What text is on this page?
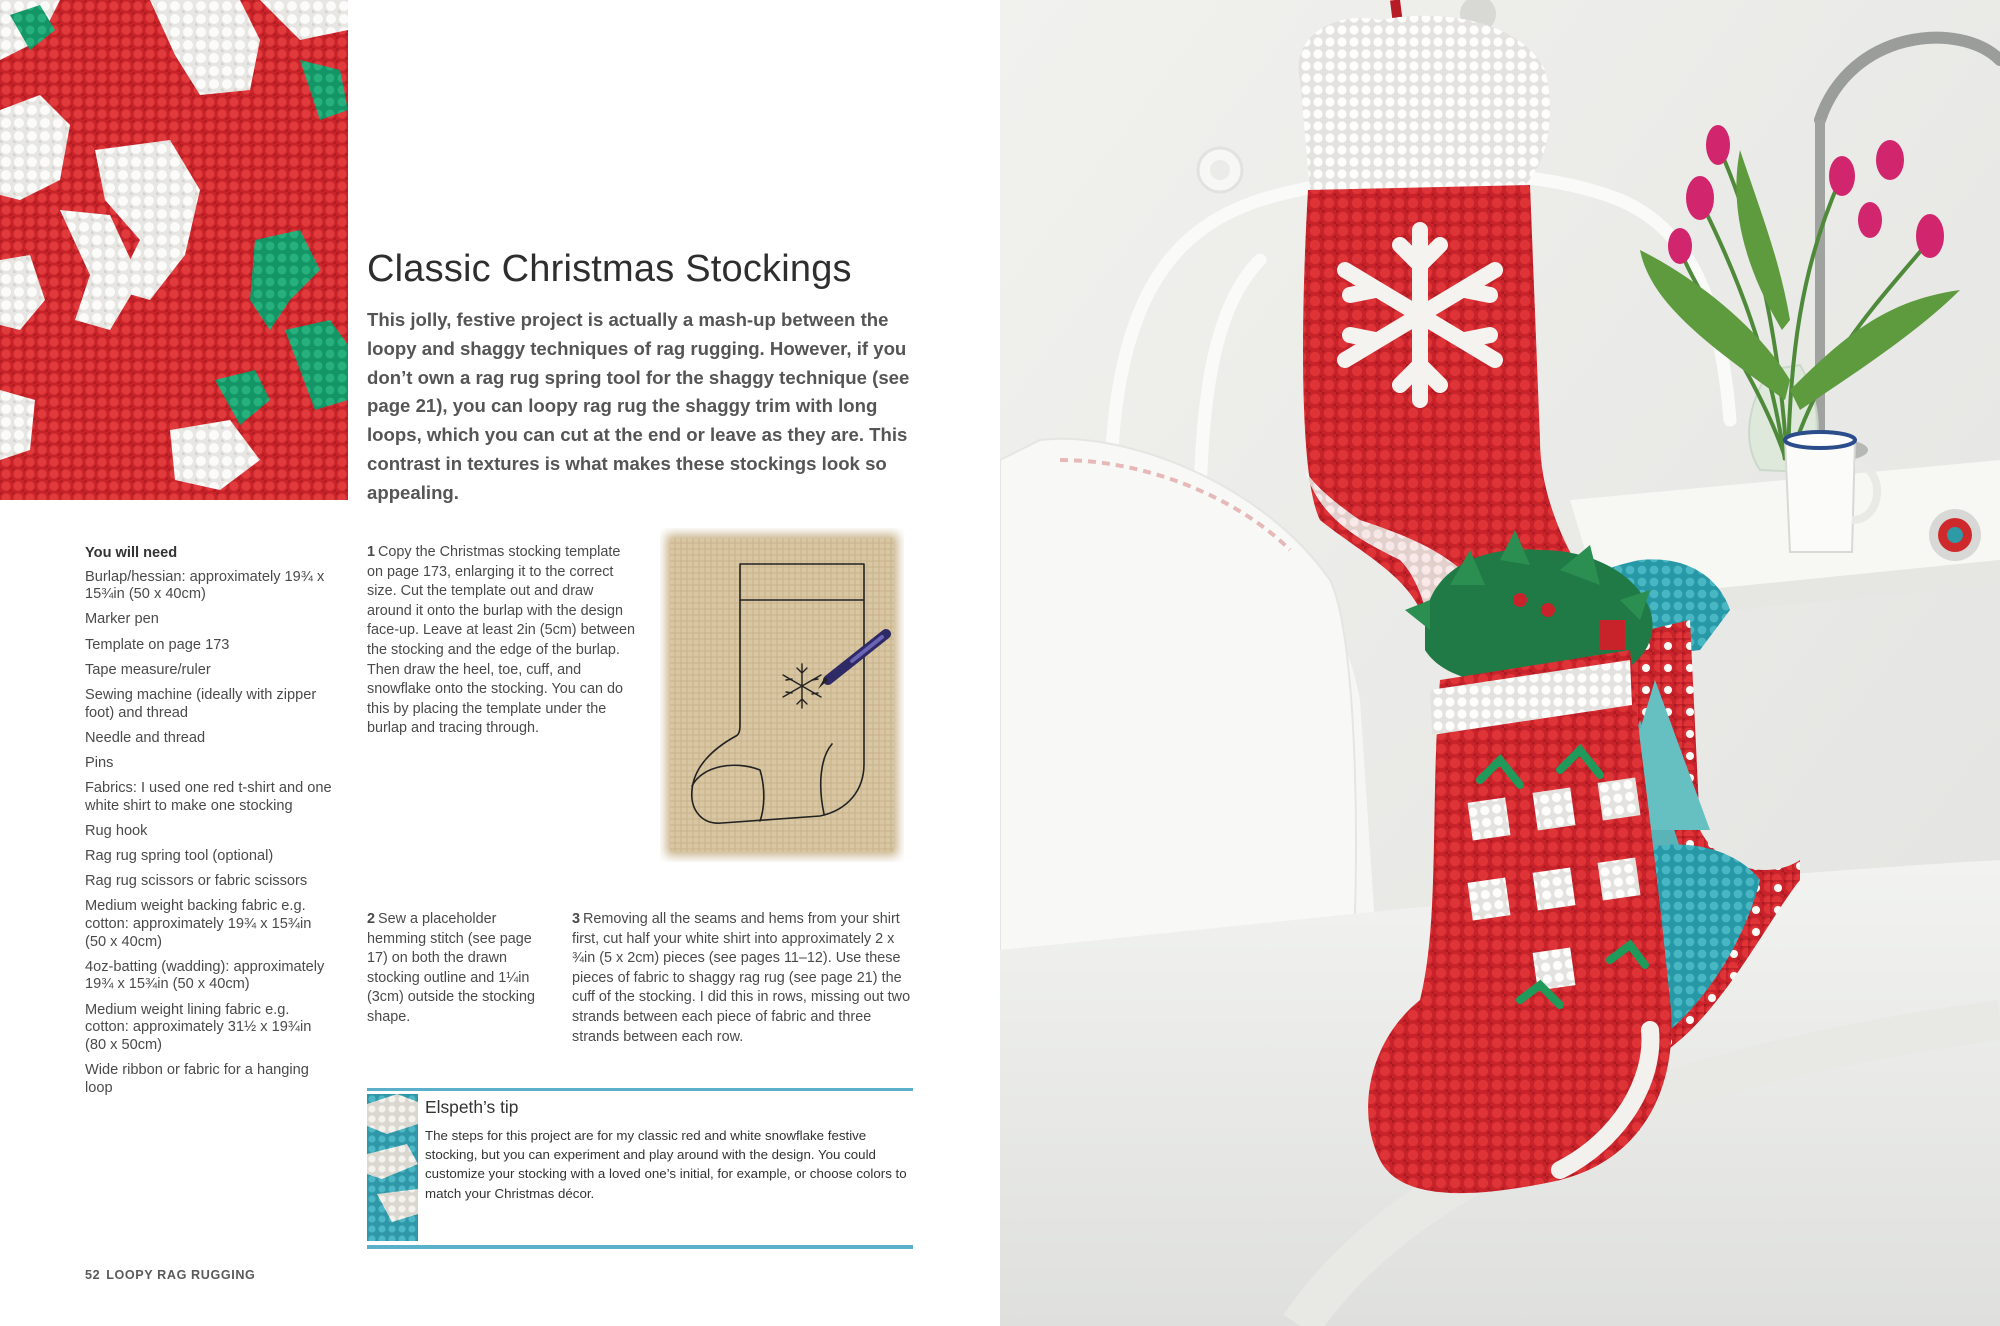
Classic Christmas Stockings
This jolly, festive project is actually a mash-up between the loopy and shaggy techniques of rag rugging. However, if you don’t own a rag rug spring tool for the shaggy technique (see page 21), you can loopy rag rug the shaggy trim with long loops, which you can cut at the end or leave as they are. This contrast in textures is what makes these stockings look so appealing.
You will need
Burlap/hessian: approximately 19¾ x 15¾in (50 x 40cm)
Marker pen
Template on page 173
Tape measure/ruler
Sewing machine (ideally with zipper foot) and thread
Needle and thread
Pins
Fabrics: I used one red t-shirt and one white shirt to make one stocking
Rug hook
Rag rug spring tool (optional)
Rag rug scissors or fabric scissors
Medium weight backing fabric e.g. cotton: approximately 19¾ x 15¾in (50 x 40cm)
4oz-batting (wadding): approximately 19¾ x 15¾in (50 x 40cm)
Medium weight lining fabric e.g. cotton: approximately 31½ x 19¾in (80 x 50cm)
Wide ribbon or fabric for a hanging loop
1 Copy the Christmas stocking template on page 173, enlarging it to the correct size. Cut the template out and draw around it onto the burlap with the design face-up. Leave at least 2in (5cm) between the stocking and the edge of the burlap. Then draw the heel, toe, cuff, and snowflake onto the stocking. You can do this by placing the template under the burlap and tracing through.
2 Sew a placeholder hemming stitch (see page 17) on both the drawn stocking outline and 1¼in (3cm) outside the stocking shape.
3 Removing all the seams and hems from your shirt first, cut half your white shirt into approximately 2 x ¾in (5 x 2cm) pieces (see pages 11–12). Use these pieces of fabric to shaggy rag rug (see page 21) the cuff of the stocking. I did this in rows, missing out two strands between each piece of fabric and three strands between each row.
Elspeth’s tip
The steps for this project are for my classic red and white snowflake festive stocking, but you can experiment and play around with the design. You could customize your stocking with a loved one’s initial, for example, or choose colors to match your Christmas décor.
52 LOOPY RAG RUGGING
